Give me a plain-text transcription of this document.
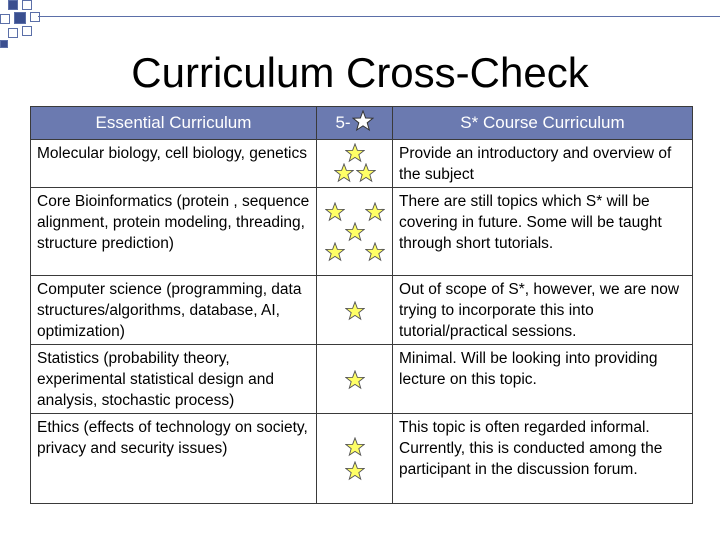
Curriculum Cross-Check
Essential Curriculum	5-	S* Course Curriculum
Molecular biology, cell biology, genetics		Provide an introductory and overview of the subject
Core Bioinformatics (protein , sequence alignment, protein modeling, threading, structure prediction)		There are still topics which S* will be covering in future. Some will be taught through short tutorials.
Computer science (programming, data structures/algorithms, database, AI, optimization)		Out of scope of S*, however, we are now trying to incorporate this into tutorial/practical sessions.
Statistics (probability theory, experimental statistical design and analysis, stochastic process)		Minimal. Will be looking into providing lecture on this topic.
Ethics (effects of technology on society, privacy and security issues)		This topic is often regarded informal. Currently, this is conducted among the participant in the discussion forum.
